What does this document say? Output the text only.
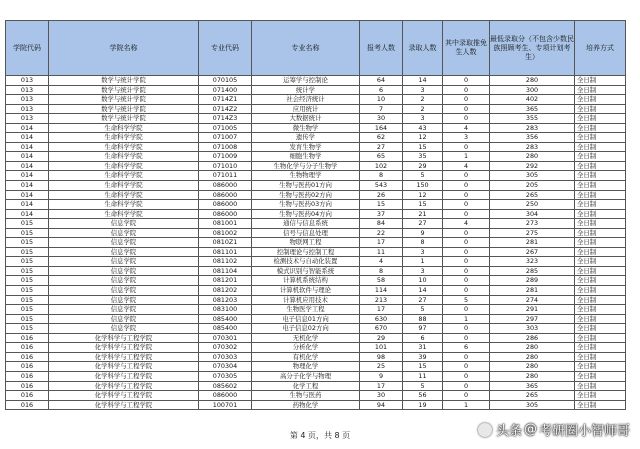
学院代码	学院名称	专业代码	专业名称	报考人数	录取人数	其中录取推免生人数	最低录取分（不包含少数民族照顾考生、专项计划考生）	培养方式
013	数学与统计学院	070105	运筹学与控制论	64	14	0	280	全日制
013	数学与统计学院	071400	统计学	6	3	0	300	全日制
013	数学与统计学院	0714Z1	社会经济统计	10	2	0	402	全日制
013	数学与统计学院	0714Z2	应用统计	7	2	0	365	全日制
013	数学与统计学院	0714Z3	大数据统计	30	3	0	355	全日制
014	生命科学学院	071005	微生物学	164	43	4	283	全日制
014	生命科学学院	071007	遗传学	62	12	3	356	全日制
014	生命科学学院	071008	发育生物学	27	15	0	283	全日制
014	生命科学学院	071009	细胞生物学	65	35	1	280	全日制
014	生命科学学院	071010	生物化学与分子生物学	102	29	4	292	全日制
014	生命科学学院	071011	生物物理学	8	5	0	305	全日制
014	生命科学学院	086000	生物与医药01方向	543	150	0	205	全日制
014	生命科学学院	086000	生物与医药02方向	26	12	0	265	全日制
014	生命科学学院	086000	生物与医药03方向	15	15	0	250	全日制
014	生命科学学院	086000	生物与医药04方向	37	21	0	304	全日制
015	信息学院	081001	通信与信息系统	84	27	4	273	全日制
015	信息学院	081002	信号与信息处理	22	9	0	275	全日制
015	信息学院	0810Z1	物联网工程	17	8	0	281	全日制
015	信息学院	081101	控制理论与控制工程	11	3	0	267	全日制
015	信息学院	081102	检测技术与自动化装置	4	1	0	323	全日制
015	信息学院	081104	模式识别与智能系统	8	3	0	285	全日制
015	信息学院	081201	计算机系统结构	58	10	0	289	全日制
015	信息学院	081202	计算机软件与理论	114	14	0	281	全日制
015	信息学院	081203	计算机应用技术	213	27	5	274	全日制
015	信息学院	083100	生物医学工程	17	5	0	291	全日制
015	信息学院	085400	电子信息01方向	630	88	1	297	全日制
015	信息学院	085400	电子信息02方向	670	97	0	303	全日制
016	化学科学与工程学院	070301	无机化学	29	6	0	286	全日制
016	化学科学与工程学院	070302	分析化学	101	31	6	280	全日制
016	化学科学与工程学院	070303	有机化学	98	39	0	280	全日制
016	化学科学与工程学院	070304	物理化学	25	15	0	280	全日制
016	化学科学与工程学院	070305	高分子化学与物理	9	11	0	280	全日制
016	化学科学与工程学院	085602	化学工程	17	5	0	365	全日制
016	化学科学与工程学院	086000	生物与医药	30	56	0	265	全日制
016	化学科学与工程学院	100701	药物化学	94	19	1	305	全日制
第 4 页，共 8 页	头条 @ 考研圈小智师哥
